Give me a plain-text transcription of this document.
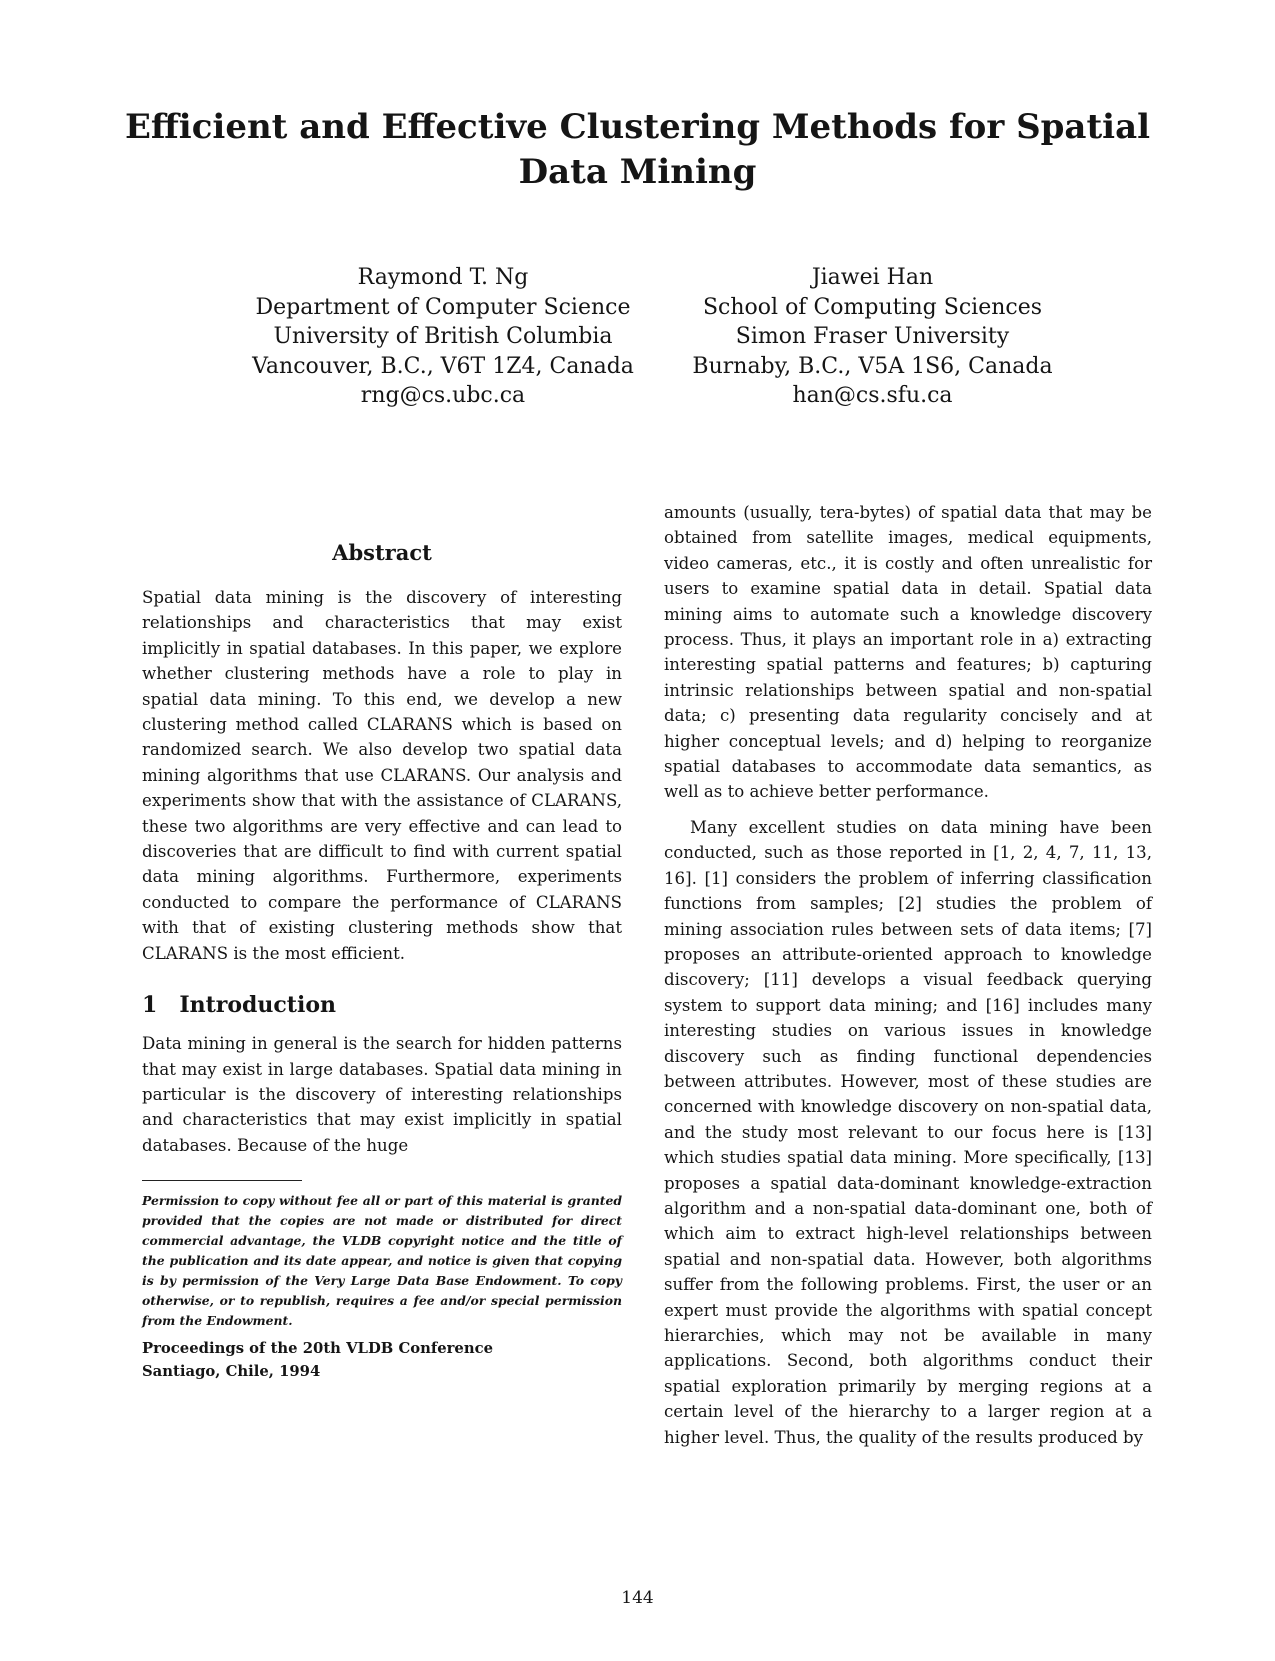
Efficient and Effective Clustering Methods for Spatial Data Mining
Raymond T. Ng
Department of Computer Science
University of British Columbia
Vancouver, B.C., V6T 1Z4, Canada
rng@cs.ubc.ca
Jiawei Han
School of Computing Sciences
Simon Fraser University
Burnaby, B.C., V5A 1S6, Canada
han@cs.sfu.ca
Abstract

Spatial data mining is the discovery of interesting relationships and characteristics that may exist implicitly in spatial databases. In this paper, we explore whether clustering methods have a role to play in spatial data mining. To this end, we develop a new clustering method called CLARANS which is based on randomized search. We also develop two spatial data mining algorithms that use CLARANS. Our analysis and experiments show that with the assistance of CLARANS, these two algorithms are very effective and can lead to discoveries that are difficult to find with current spatial data mining algorithms. Furthermore, experiments conducted to compare the performance of CLARANS with that of existing clustering methods show that CLARANS is the most efficient.

1 Introduction

Data mining in general is the search for hidden patterns that may exist in large databases. Spatial data mining in particular is the discovery of interesting relationships and characteristics that may exist implicitly in spatial databases. Because of the huge

Permission to copy without fee all or part of this material is granted provided that the copies are not made or distributed for direct commercial advantage, the VLDB copyright notice and the title of the publication and its date appear, and notice is given that copying is by permission of the Very Large Data Base Endowment. To copy otherwise, or to republish, requires a fee and/or special permission from the Endowment.
Proceedings of the 20th VLDB Conference
Santiago, Chile, 1994

amounts (usually, tera-bytes) of spatial data that may be obtained from satellite images, medical equipments, video cameras, etc., it is costly and often unrealistic for users to examine spatial data in detail. Spatial data mining aims to automate such a knowledge discovery process. Thus, it plays an important role in a) extracting interesting spatial patterns and features; b) capturing intrinsic relationships between spatial and non-spatial data; c) presenting data regularity concisely and at higher conceptual levels; and d) helping to reorganize spatial databases to accommodate data semantics, as well as to achieve better performance.

Many excellent studies on data mining have been conducted, such as those reported in [1, 2, 4, 7, 11, 13, 16]. [1] considers the problem of inferring classification functions from samples; [2] studies the problem of mining association rules between sets of data items; [7] proposes an attribute-oriented approach to knowledge discovery; [11] develops a visual feedback querying system to support data mining; and [16] includes many interesting studies on various issues in knowledge discovery such as finding functional dependencies between attributes. However, most of these studies are concerned with knowledge discovery on non-spatial data, and the study most relevant to our focus here is [13] which studies spatial data mining. More specifically, [13] proposes a spatial data-dominant knowledge-extraction algorithm and a non-spatial data-dominant one, both of which aim to extract high-level relationships between spatial and non-spatial data. However, both algorithms suffer from the following problems. First, the user or an expert must provide the algorithms with spatial concept hierarchies, which may not be available in many applications. Second, both algorithms conduct their spatial exploration primarily by merging regions at a certain level of the hierarchy to a larger region at a higher level. Thus, the quality of the results produced by

144
